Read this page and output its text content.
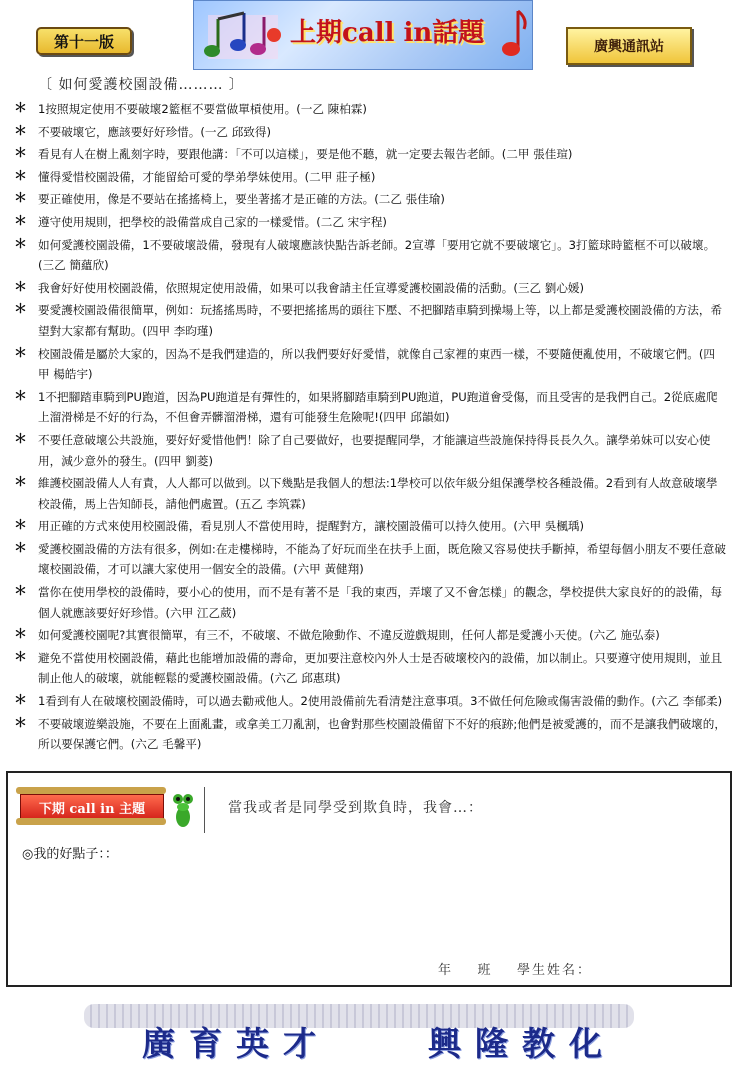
第十一版	上期call in話題	廣興通訊站
〔 如何愛護校園設備……… 〕
＊ 1按照規定使用不要破壞2籃框不要當做單槓使用。(一乙 陳柏霖)
＊ 不要破壞它，應該要好好珍惜。(一乙 邱致得)
＊ 看見有人在樹上亂刻字時，要跟他講：「不可以這樣」，要是他不聽，就一定要去報告老師。(二甲 張佳瑄)
＊ 懂得愛惜校園設備，才能留給可愛的學弟學妹使用。(二甲 莊子極)
＊ 要正確使用，像是不要站在搖搖椅上，要坐著搖才是正確的方法。(二乙 張佳瑜)
＊ 遵守使用規則，把學校的設備當成自己家的一樣愛惜。(二乙 宋宇程)
＊ 如何愛護校園設備，1不要破壞設備，發現有人破壞應該快點告訴老師。2宣導「要用它就不要破壞它」。3打籃球時籃框不可以破壞。(三乙 簡蘊欣)
＊ 我會好好使用校園設備，依照規定使用設備，如果可以我會請主任宣導愛護校園設備的活動。(三乙 劉心媛)
＊ 要愛護校園設備很簡單，例如：玩搖搖馬時，不要把搖搖馬的頭往下壓、不把腳踏車騎到操場上等，以上都是愛護校園設備的方法，希望對大家都有幫助。(四甲 李昀瑾)
＊ 校園設備是屬於大家的，因為不是我們建造的，所以我們要好好愛惜，就像自己家裡的東西一樣，不要隨便亂使用，不破壞它們。(四甲 楊皓宇)
＊ 1不把腳踏車騎到PU跑道，因為PU跑道是有彈性的，如果將腳踏車騎到PU跑道，PU跑道會受傷，而且受害的是我們自己。2從底處爬上溜滑梯是不好的行為，不但會弄髒溜滑梯，還有可能發生危險呢!(四甲 邱韻如)
＊ 不要任意破壞公共設施，要好好愛惜他們！除了自己要做好，也要提醒同學，才能讓這些設施保持得長長久久。讓學弟妹可以安心使用，減少意外的發生。(四甲 劉菱)
＊ 維護校園設備人人有責，人人都可以做到。以下幾點是我個人的想法:1學校可以依年級分組保護學校各種設備。2看到有人故意破壞學校設備，馬上告知師長，請他們處置。(五乙 李筑霖)
＊ 用正確的方式來使用校園設備，看見別人不當使用時，提醒對方，讓校園設備可以持久使用。(六甲 吳楓瑀)
＊ 愛護校園設備的方法有很多，例如:在走樓梯時，不能為了好玩而坐在扶手上面，既危險又容易使扶手斷掉，希望每個小朋友不要任意破壞校園設備，才可以讓大家使用一個安全的設備。(六甲 黃健翔)
＊ 當你在使用學校的設備時，要小心的使用，而不是有著不是「我的東西，弄壞了又不會怎樣」的觀念，學校提供大家良好的的設備，每個人就應該要好好珍惜。(六甲 江乙葳)
＊ 如何愛護校園呢?其實很簡單，有三不，不破壞、不做危險動作、不違反遊戲規則，任何人都是愛護小天使。(六乙 施弘泰)
＊ 避免不當使用校園設備，藉此也能增加設備的壽命，更加要注意校內外人士是否破壞校內的設備，加以制止。只要遵守使用規則，並且制止他人的破壞，就能輕鬆的愛護校園設備。(六乙 邱惠琪)
＊ 1看到有人在破壞校園設備時，可以過去勸戒他人。2使用設備前先看清楚注意事項。3不做任何危險或傷害設備的動作。(六乙 李郁柔)
＊ 不要破壞遊樂設施，不要在上面亂畫，或拿美工刀亂割，也會對那些校園設備留下不好的痕跡;他們是被愛護的，而不是讓我們破壞的，所以要保護它們。(六乙 毛馨平)
下期 call in 主題	當我或者是同學受到欺負時，我會…：
◎我的好點子：：
年    班    學生姓名：
廣育英才	興隆教化
